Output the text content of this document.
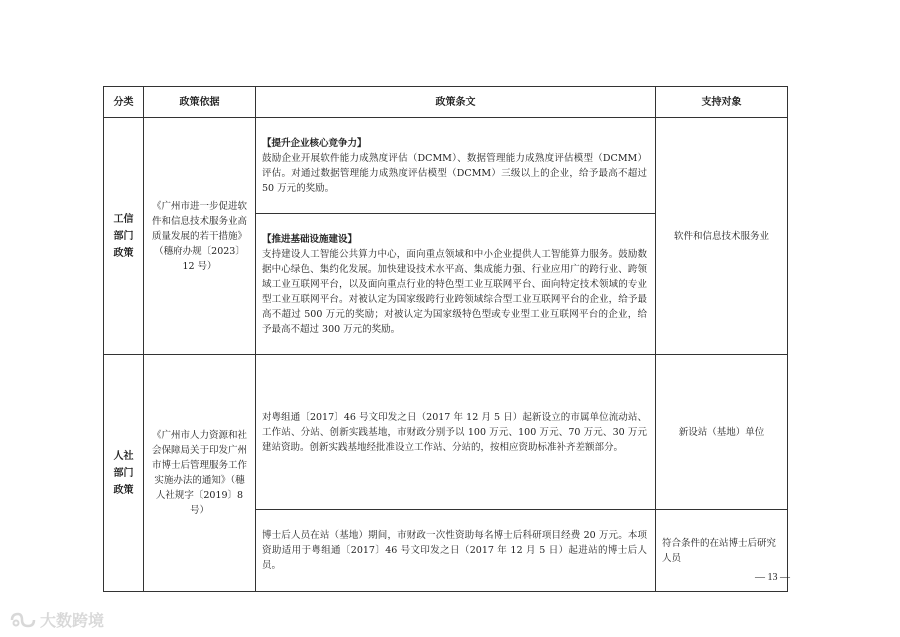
分类	政策依据	政策条文	支持对象
工信
部门
政策	《广州市进一步促进软件和信息技术服务业高质量发展的若干措施》（穗府办规〔2023〕12 号）	【提升企业核心竞争力】
鼓励企业开展软件能力成熟度评估（DCMM）、数据管理能力成熟度评估模型（DCMM）评估。对通过数据管理能力成熟度评估模型（DCMM）三级以上的企业，给予最高不超过 50 万元的奖励。	软件和信息技术服务业

		【推进基础设施建设】
支持建设人工智能公共算力中心，面向重点领域和中小企业提供人工智能算力服务。鼓励数据中心绿色、集约化发展。加快建设技术水平高、集成能力强、行业应用广的跨行业、跨领域工业互联网平台，以及面向重点行业的特色型工业互联网平台、面向特定技术领域的专业型工业互联网平台。对被认定为国家级跨行业跨领域综合型工业互联网平台的企业，给予最高不超过 500 万元的奖励；对被认定为国家级特色型或专业型工业互联网平台的企业，给予最高不超过 300 万元的奖励。	

人社
部门
政策	《广州市人力资源和社会保障局关于印发广州市博士后管理服务工作实施办法的通知》（穗人社规字〔2019〕8 号）	对粤组通〔2017〕46 号文印发之日（2017 年 12 月 5 日）起新设立的市属单位流动站、工作站、分站、创新实践基地，市财政分别予以 100 万元、100 万元、70 万元、30 万元建站资助。创新实践基地经批准设立工作站、分站的，按相应资助标准补齐差额部分。	新设站（基地）单位

		博士后人员在站（基地）期间，市财政一次性资助每名博士后科研项目经费 20 万元。本项资助适用于粤组通〔2017〕46 号文印发之日（2017 年 12 月 5 日）起进站的博士后人员。	符合条件的在站博士后研究人员
— 13 —
大数跨境
